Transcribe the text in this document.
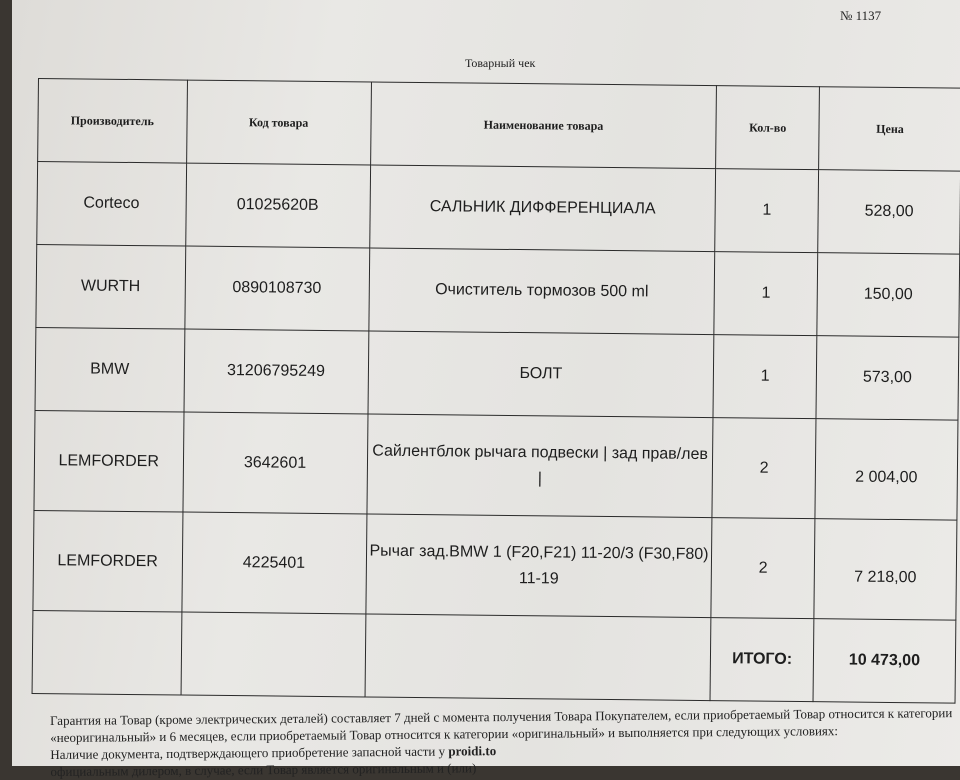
№ 1137
Товарный чек
Производитель	Код товара	Наименование товара	Кол-во	Цена
Corteco	01025620B	САЛЬНИК ДИФФЕРЕНЦИАЛА	1	528,00
WURTH	0890108730	Очиститель тормозов 500 ml	1	150,00
BMW	31206795249	БОЛТ	1	573,00
LEMFORDER	3642601	Сайлентблок рычага подвески | зад прав/лев |	2	2 004,00
LEMFORDER	4225401	Рычаг зад.BMW 1 (F20,F21) 11-20/3 (F30,F80) 11-19	2	7 218,00
			ИТОГО:	10 473,00
Гарантия на Товар (кроме электрических деталей) составляет 7 дней с момента получения Товара Покупателем, если приобретаемый Товар относится к категории
«неоригинальный» и 6 месяцев, если приобретаемый Товар относится к категории «оригинальный» и выполняется при следующих условиях:
Наличие документа, подтверждающего приобретение запасной части у proidi.to
официальным дилером, в случае, если Товар является оригинальным и (или)
